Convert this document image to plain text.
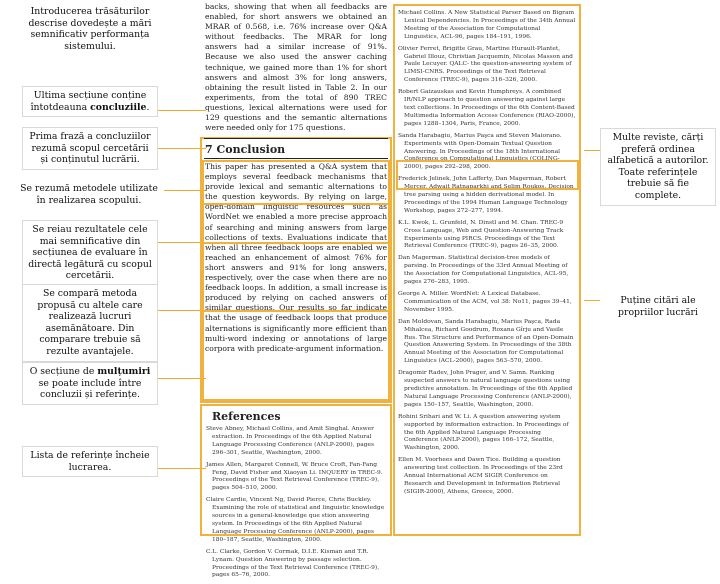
Introducerea trăsăturilor descrise dovedește a mări semnificativ performanța sistemului.
Ultima secțiune conține întotdeauna concluziile.
Prima frază a concluziilor rezumă scopul cercetării și conținutul lucrării.
Se rezumă metodele utilizate în realizarea scopului.
Se reiau rezultatele cele mai semnificative din secțiunea de evaluare în directă legătură cu scopul cercetării.
Se compară metoda propusă cu altele care realizează lucruri asemănătoare. Din comparare trebuie să rezulte avantajele.
O secțiune de mulțumiri se poate include între concluzii și referințe.
Lista de referințe încheie lucrarea.
Multe reviste, cărți preferă ordinea alfabetică a autorilor. Toate referințele trebuie să fie complete.
Puține citări ale propriilor lucrări

backs, showing that when all feedbacks are enabled, for short answers we obtained an MRAR of 0.568, i.e. 76% increase over Q&A without feedbacks. The MRAR for long answers had a similar increase of 91%. Because we also used the answer caching technique, we gained more than 1% for short answers and almost 3% for long answers, obtaining the result listed in Table 2. In our experiments, from the total of 890 TREC questions, lexical alternations were used for 129 questions and the semantic alternations were needed only for 175 questions.

7 Conclusion

This paper has presented a Q&A system that employs several feedback mechanisms that provide lexical and semantic alternations to the question keywords. By relying on large, open-domain linguistic resources such as WordNet we enabled a more precise approach of searching and mining answers from large collections of texts. Evaluations indicate that when all three feedback loops are enabled we reached an enhancement of almost 76% for short answers and 91% for long answers, respectively, over the case when there are no feedback loops. In addition, a small increase is produced by relying on cached answers of similar questions. Our results so far indicate that the usage of feedback loops that produce alternations is significantly more efficient than multi-word indexing or annotations of large corpora with predicate-argument information.

References
Steve Abney, Michael Collins, and Amit Singhal. Answer extraction. In Proceedings of the 6th Applied Natural Language Processing Conference (ANLP-2000), pages 296–301, Seattle, Washington, 2000.
James Allen, Margaret Connell, W. Bruce Croft, Fan-Fang Feng, David Fisher and Xiaoyan Li. INQUERY in TREC-9. Proceedings of the Text Retrieval Conference (TREC-9), pages 504–510, 2000.
Claire Cardie, Vincent Ng, David Pierce, Chris Buckley. Examining the role of statistical and linguistic knowledge sources in a general-knowledge que stion answering system. In Proceedings of the 6th Applied Natural Language Processing Conference (ANLP-2000), pages 180–187, Seattle, Washington, 2000.
C.L. Clarke, Gordon V. Cormak, D.I.E. Kisman and T.R. Lynam. Question Answering by passage selection. Proceedings of the Text Retrieval Conference (TREC-9), pages 65–76, 2000.
Michael Collins. A New Statistical Parser Based on Bigram Lexical Dependencies. In Proceedings of the 34th Annual Meeting of the Association for Computational Linguistics, ACL-96, pages 184–191, 1996.
Olivier Ferret, Brigitte Grau, Martine Hurault-Plantet, Gabriel Illouz, Christian Jacquemin, Nicolas Masson and Paule Lecuyer. QALC- the question-answering system of LIMSI-CNRS. Proceedings of the Text Retrieval Conference (TREC-9), pages 316–326, 2000.
Robert Gaizauskas and Kevin Humphreys. A combined IR/NLP approach to question answering against large text collections. In Proceedings of the 6th Content-Based Multimedia Information Access Conference (RIAO-2000), pages 1288–1304, Paris, France, 2000.
Sanda Harabagiu, Marius Paşca and Steven Maiorano. Experiments with Open-Domain Textual Question Answering. In Proceedings of the 18th International Conference on Computational Linguistics (COLING-2000), pages 292–298, 2000.
Frederick Jelinek, John Lafferty, Dan Magerman, Robert Mercer, Adwait Ratnaparkhi and Selim Roukos. Decision tree parsing using a hidden derivational model. In Proceedings of the 1994 Human Language Technology Workshop, pages 272–277, 1994.
K.L. Kwok, L. Grunfeld, N. Dinstl and M. Chan. TREC-9 Cross Language, Web and Question-Answering Track Experiments using PIRCS. Proceedings of the Text Retrieval Conference (TREC-9), pages 26–35, 2000.
Dan Magerman. Statistical decision-tree models of parsing. In Proceedings of the 33rd Annual Meeting of the Association for Computational Linguistics, ACL-95, pages 276–283, 1995.
George A. Miller. WordNet: A Lexical Database. Communication of the ACM, vol 38: No11, pages 39–41, November 1995.
Dan Moldovan, Sanda Harabagiu, Marius Paşca, Rada Mihalcea, Richard Goodrum, Roxana Gîrju and Vasile Rus. The Structure and Performance of an Open-Domain Question Answering System. In Proceedings of the 38th Annual Meeting of the Association for Computational Linguistics (ACL-2000), pages 563–570, 2000.
Dragomir Radev, John Prager, and V. Samn. Ranking suspected answers to natural language questions using predictive annotation. In Proceedings of the 6th Applied Natural Language Processing Conference (ANLP-2000), pages 150–157, Seattle, Washington, 2000.
Rohini Srihari and W. Li. A question answering system supported by information extraction. In Proceedings of the 6th Applied Natural Language Processing Conference (ANLP-2000), pages 166–172, Seattle, Washington, 2000.
Ellen M. Voorhees and Dawn Tice. Building a question answering test collection. In Proceedings of the 23rd Annual International ACM SIGIR Conference on Research and Development in Information Retrieval (SIGIR-2000), Athens, Greece, 2000.
